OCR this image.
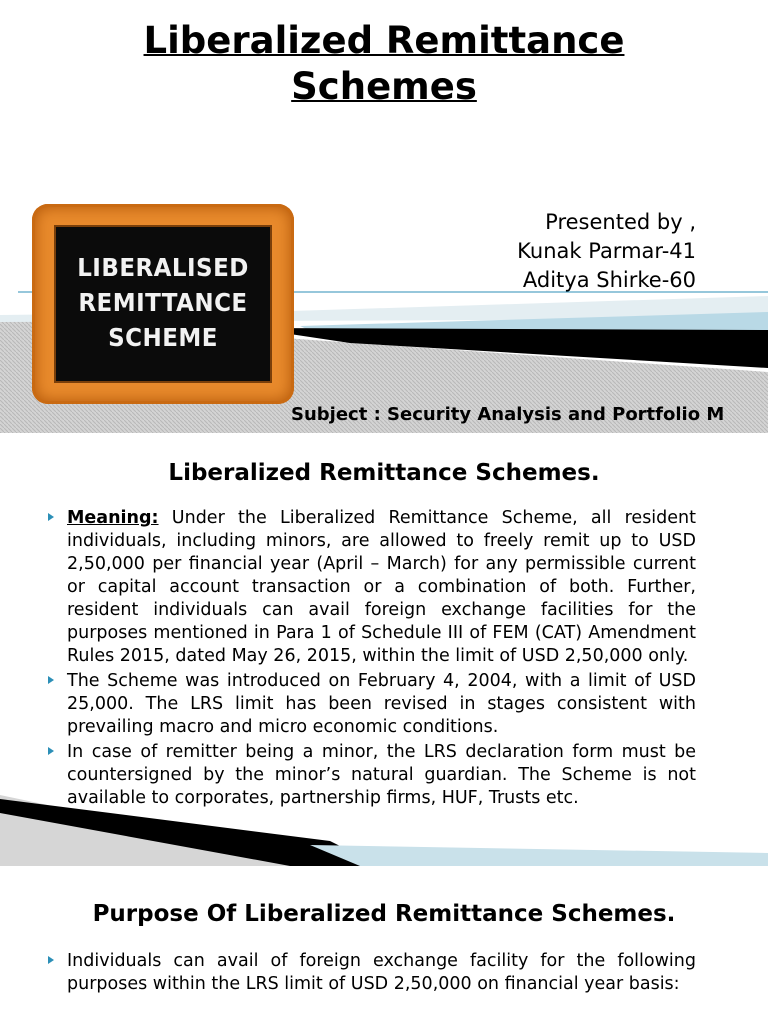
Liberalized Remittance
Schemes
Presented by ,
Kunak Parmar-41
Aditya Shirke-60
LIBERALISED
REMITTANCE
SCHEME
Subject : Security Analysis and Portfolio M
Liberalized Remittance Schemes.
Meaning: Under the Liberalized Remittance Scheme, all resident individuals, including minors, are allowed to freely remit up to USD 2,50,000 per financial year (April – March) for any permissible current or capital account transaction or a combination of both. Further, resident individuals can avail foreign exchange facilities for the purposes mentioned in Para 1 of Schedule III of FEM (CAT) Amendment Rules 2015, dated May 26, 2015, within the limit of USD 2,50,000 only.
The Scheme was introduced on February 4, 2004, with a limit of USD 25,000. The LRS limit has been revised in stages consistent with prevailing macro and micro economic conditions.
In case of remitter being a minor, the LRS declaration form must be countersigned by the minor’s natural guardian. The Scheme is not available to corporates, partnership firms, HUF, Trusts etc.
Purpose Of Liberalized Remittance Schemes.
Individuals can avail of foreign exchange facility for the following purposes within the LRS limit of USD 2,50,000 on financial year basis:
